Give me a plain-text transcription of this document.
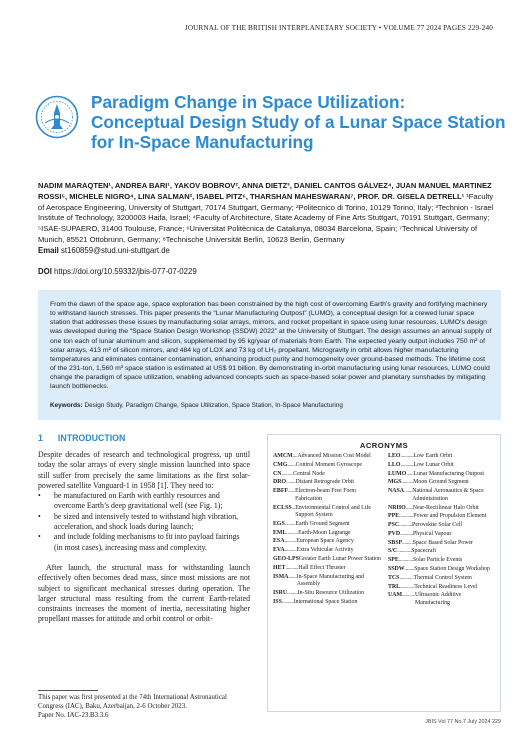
JOURNAL OF THE BRITISH INTERPLANETARY SOCIETY • VOLUME 77 2024 PAGES 229-240
Paradigm Change in Space Utilization:
Conceptual Design Study of a Lunar Space Station
for In-Space Manufacturing
NADIM MARAQTEN¹, ANDREA BARI¹, YAKOV BOBROV², ANNA DIETZ³, DANIEL CANTOS GÁLVEZ⁴, JUAN MANUEL MARTINEZ ROSSI⁵, MICHELE NIGRO⁴, LINA SALMAN², ISABEL PITZ⁶, THARSHAN MAHESWARAN⁷, PROF. DR. GISELA DETRELL¹ ¹Faculty of Aerospace Engineering, University of Stuttgart, 70174 Stuttgart, Germany; ²Politecnico di Torino, 10129 Torino, Italy; ³Technion - Israel Institute of Technology, 3200003 Haifa, Israel; ⁴Faculty of Architecture, State Academy of Fine Arts Stuttgart, 70191 Stuttgart, Germany; ⁵ISAE-SUPAERO, 31400 Toulouse, France; ⁶Universitat Politècnica de Catalunya, 08034 Barcelona, Spain; ⁷Technical University of Munich, 85521 Ottobrunn, Germany; ⁸Technische Universität Berlin, 10623 Berlin, Germany
Email st160859@stud.uni-stuttgart.de
DOI https://doi.org/10.59332/jbis-077-07-0229
From the dawn of the space age, space exploration has been constrained by the high cost of overcoming Earth’s gravity and fortifying machinery to withstand launch stresses. This paper presents the “Lunar Manufacturing Outpost” (LUMO), a conceptual design for a crewed lunar space station that addresses these issues by manufacturing solar arrays, mirrors, and rocket propellant in space using lunar resources. LUMO’s design was developed during the “Space Station Design Workshop (SSDW) 2022” at the University of Stuttgart. The design assumes an annual supply of one ton each of lunar aluminum and silicon, supplemented by 95 kg/year of materials from Earth. The expected yearly output includes 750 m² of solar arrays, 413 m² of silicon mirrors, and 484 kg of LOX and 73 kg of LH₂ propellant. Microgravity in orbit allows higher manufacturing temperatures and eliminates container contamination, enhancing product purity and homogeneity over ground-based methods. The lifetime cost of the 231-ton, 1,560 m³ space station is estimated at US$ 91 billion. By demonstrating in-orbit manufacturing using lunar resources, LUMO could change the paradigm of space utilization, enabling advanced concepts such as space-based solar power and planetary sunshades by mitigating launch bottlenecks.
Keywords: Design Study, Paradigm Change, Space Utilization, Space Station, In-Space Manufacturing
1 INTRODUCTION

Despite decades of research and technological progress, up until today the solar arrays of every single mission launched into space still suffer from precisely the same limitations as the first solar-powered satellite Vanguard-1 in 1958 [1]. They need to:

• be manufactured on Earth with earthly resources and overcome Earth’s deep gravitational well (see Fig. 1);
• be sized and intensively tested to withstand high vibration, acceleration, and shock loads during launch;
• and include folding mechanisms to fit into payload fairings (in most cases), increasing mass and complexity.

After launch, the structural mass for withstanding launch effectively often becomes dead mass, since most missions are not subject to significant mechanical stresses during operation. The larger structural mass resulting from the current Earth-related constraints increases the moment of inertia, necessitating higher propellant masses for attitude and orbit control or orbit-

This paper was first presented at the 74th International Astronautical Congress (IAC), Baku, Azerbaijan, 2-6 October 2023.
Paper No. IAC-23.B3.3.6
ACRONYMS
AMCM .... Advanced Mission Cost Model
CMG ....... Control Moment Gyroscope
CN .......... Central Node
DRO ........ Distant Retrograde Orbit
EBFF ...... Electron-beam Free Form Fabrication
ECLSS ... Environmental Control and Life Support System
EGS ......... Earth Ground Segment
EML .......... Earth-Moon Lagrange
ESA .......... European Space Agency
EVA .......... Extra Vehicular Activity
GEO-LPS Greater Earth Lunar Power Station
HET ........... Hall Effect Thruster
ISMA ....... In-Space Manufacturing and Assembly
ISRU ......... In-Situ Resource Utilization
ISS .......... International Space Station
LEO ........... Low Earth Orbit
LLO ........... Low Lunar Orbit
LUMO ...... Lunar Manufacturing Outpost
MGS .......... Moon Ground Segment
NASA ....... National Aeronautics & Space Administration
NRHO ...... Near-Rectilinear Halo Orbit
PPE ............ Power and Propulsion Element
PSC ........... Perovskite Solar Cell
PVD ........... Physical Vapour
SBSP ......... Space Based Solar Power
S/C ............ Spacecraft
SPE ............ Solar Particle Events
SSDW ........ Space Station Design Workshop
TCS ............ Thermal Control System
TRL ............ Technical Readiness Level
UAM ........... Ultrasonic Additive Manufacturing
JBIS Vol 77 No.7 July 2024 229
